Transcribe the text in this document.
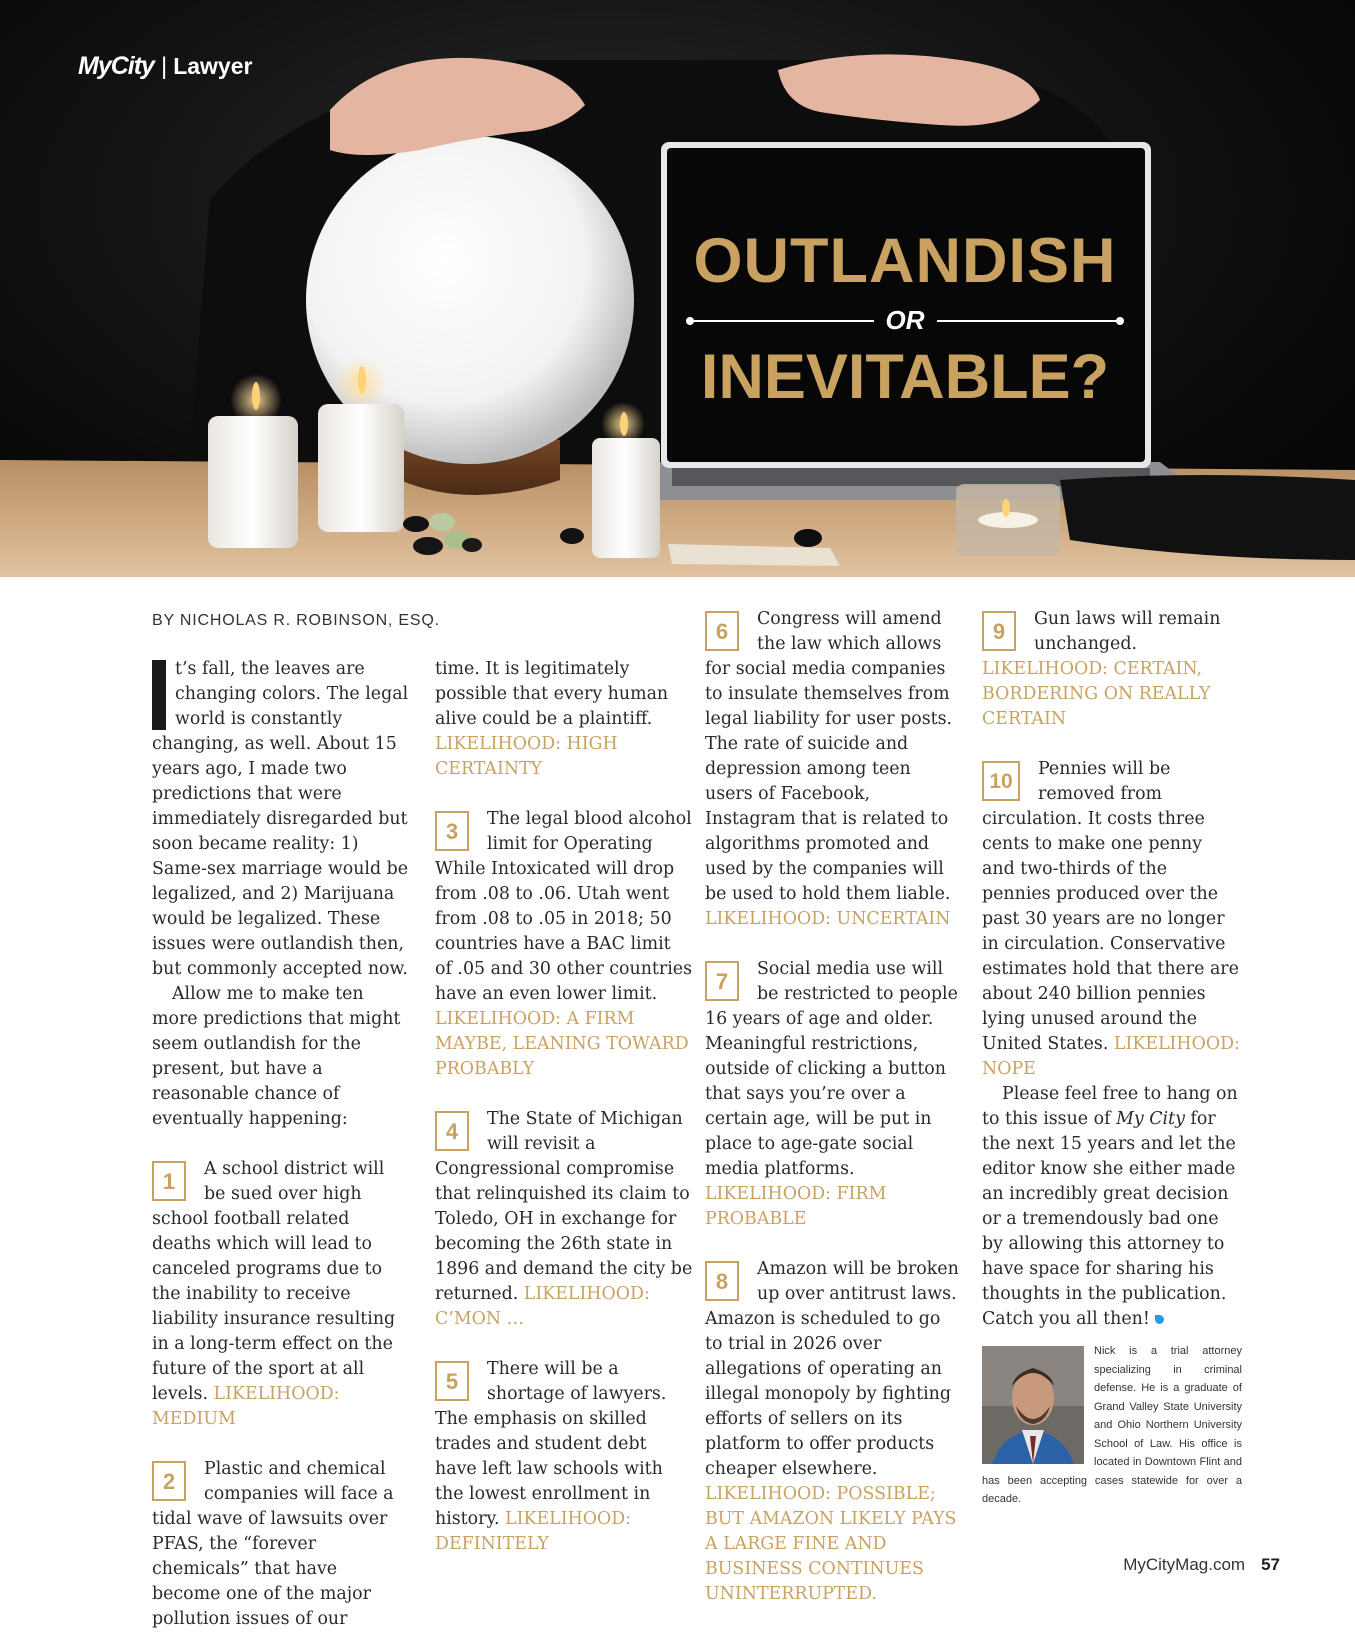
MyCity | Lawyer
OUTLANDISH
OR
INEVITABLE?
BY NICHOLAS R. ROBINSON, ESQ.

t’s fall, the leaves are changing colors. The legal world is constantly changing, as well. About 15 years ago, I made two predictions that were immediately disregarded but soon became reality: 1) Same-sex marriage would be legalized, and 2) Marijuana would be legalized. These issues were outlandish then, but commonly accepted now.

Allow me to make ten more predictions that might seem outlandish for the present, but have a reasonable chance of eventually happening:

1	A school district will be sued over high school football related deaths which will lead to canceled programs due to the inability to receive liability insurance resulting in a long-term effect on the future of the sport at all levels. LIKELIHOOD: MEDIUM
2	Plastic and chemical companies will face a tidal wave of lawsuits over PFAS, the “forever chemicals” that have become one of the major pollution issues of our
time. It is legitimately possible that every human alive could be a plaintiff. LIKELIHOOD: HIGH CERTAINTY
3	The legal blood alcohol limit for Operating While Intoxicated will drop from .08 to .06. Utah went from .08 to .05 in 2018; 50 countries have a BAC limit of .05 and 30 other countries have an even lower limit. LIKELIHOOD: A FIRM MAYBE, LEANING TOWARD PROBABLY
4	The State of Michigan will revisit a Congressional compromise that relinquished its claim to Toledo, OH in exchange for becoming the 26th state in 1896 and demand the city be returned. LIKELIHOOD: C’MON …
5	There will be a shortage of lawyers. The emphasis on skilled trades and student debt have left law schools with the lowest enrollment in history. LIKELIHOOD: DEFINITELY
6	Congress will amend the law which allows for social media companies to insulate themselves from legal liability for user posts. The rate of suicide and depression among teen users of Facebook, Instagram that is related to algorithms promoted and used by the companies will be used to hold them liable. LIKELIHOOD: UNCERTAIN
7	Social media use will be restricted to people 16 years of age and older. Meaningful restrictions, outside of clicking a button that says you’re over a certain age, will be put in place to age-gate social media platforms. LIKELIHOOD: FIRM PROBABLE
8	Amazon will be broken up over antitrust laws. Amazon is scheduled to go to trial in 2026 over allegations of operating an illegal monopoly by fighting efforts of sellers on its platform to offer products cheaper elsewhere. LIKELIHOOD: POSSIBLE; BUT AMAZON LIKELY PAYS A LARGE FINE AND BUSINESS CONTINUES UNINTERRUPTED.
9	Gun laws will remain unchanged. LIKELIHOOD: CERTAIN, BORDERING ON REALLY CERTAIN
10
Pennies will be removed from circulation. It costs three cents to make one penny and two-thirds of the pennies produced over the past 30 years are no longer in circulation. Conservative estimates hold that there are about 240 billion pennies lying unused around the United States. LIKELIHOOD: NOPE

Please feel free to hang on to this issue of My City for the next 15 years and let the editor know she either made an incredibly great decision or a tremendously bad one by allowing this attorney to have space for sharing his thoughts in the publication. Catch you all then!

Nick is a trial attorney specializing in criminal defense. He is a graduate of Grand Valley State University and Ohio Northern University School of Law. His office is located in Downtown Flint and has been accepting cases statewide for over a decade.

MyCityMag.com 57
